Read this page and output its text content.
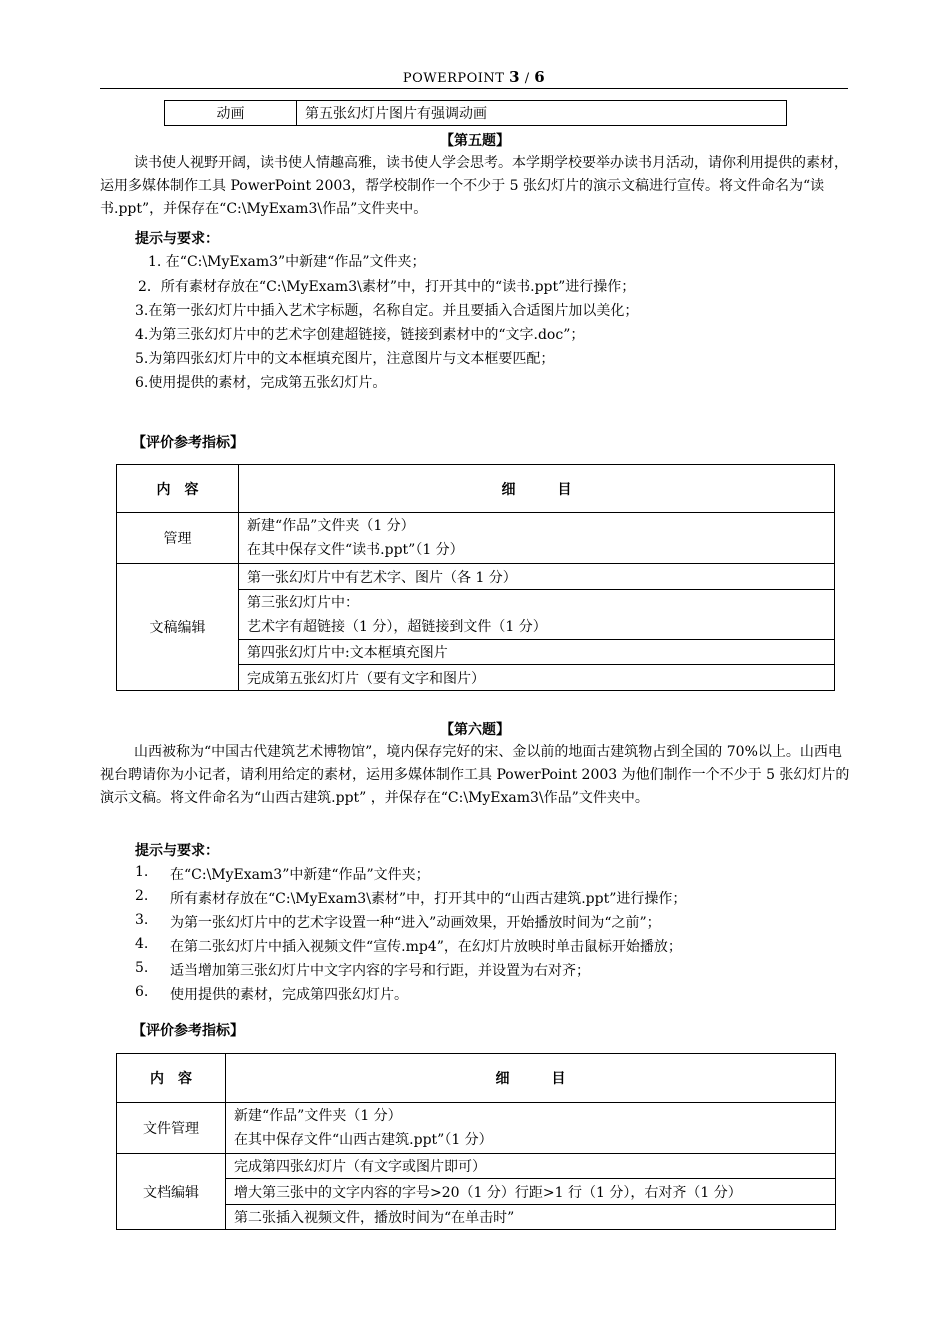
POWERPOINT 3 / 6
动画	第五张幻灯片图片有强调动画
【第五题】
读书使人视野开阔，读书使人情趣高雅，读书使人学会思考。本学期学校要举办读书月活动，请你利用提供的素材，运用多媒体制作工具 PowerPoint 2003，帮学校制作一个不少于 5 张幻灯片的演示文稿进行宣传。将文件命名为“读书.ppt”，并保存在“C:\MyExam3\作品”文件夹中。
提示与要求：
1. 在“C:\MyExam3”中新建“作品”文件夹；
2．所有素材存放在“C:\MyExam3\素材”中，打开其中的“读书.ppt”进行操作；
3.在第一张幻灯片中插入艺术字标题，名称自定。并且要插入合适图片加以美化；
4.为第三张幻灯片中的艺术字创建超链接，链接到素材中的“文字.doc”；
5.为第四张幻灯片中的文本框填充图片，注意图片与文本框要匹配；
6.使用提供的素材，完成第五张幻灯片。
【评价参考指标】
内　容	细　　　目
管理	新建“作品”文件夹（1 分）
在其中保存文件“读书.ppt”（1 分）

文稿编辑	第一张幻灯片中有艺术字、图片（各 1 分）

	第三张幻灯片中：
艺术字有超链接（1 分），超链接到文件（1 分）

	第四张幻灯片中:文本框填充图片
	完成第五张幻灯片（要有文字和图片）
【第六题】
山西被称为“中国古代建筑艺术博物馆”，境内保存完好的宋、金以前的地面古建筑物占到全国的 70%以上。山西电视台聘请你为小记者，请利用给定的素材，运用多媒体制作工具 PowerPoint 2003 为他们制作一个不少于 5 张幻灯片的演示文稿。将文件命名为“山西古建筑.ppt” ，并保存在“C:\MyExam3\作品”文件夹中。
提示与要求：
1. 在“C:\MyExam3”中新建“作品”文件夹；
2. 所有素材存放在“C:\MyExam3\素材”中，打开其中的“山西古建筑.ppt”进行操作；
3. 为第一张幻灯片中的艺术字设置一种“进入”动画效果，开始播放时间为“之前”；
4. 在第二张幻灯片中插入视频文件“宣传.mp4”，在幻灯片放映时单击鼠标开始播放；
5. 适当增加第三张幻灯片中文字内容的字号和行距，并设置为右对齐；
6. 使用提供的素材，完成第四张幻灯片。
【评价参考指标】
内　容	细　　　目
文件管理	新建“作品”文件夹（1 分）
在其中保存文件“山西古建筑.ppt”（1 分）

文档编辑	完成第四张幻灯片（有文字或图片即可）
	增大第三张中的文字内容的字号>20（1 分）行距>1 行（1 分），右对齐（1 分）
	第二张插入视频文件，播放时间为“在单击时”
